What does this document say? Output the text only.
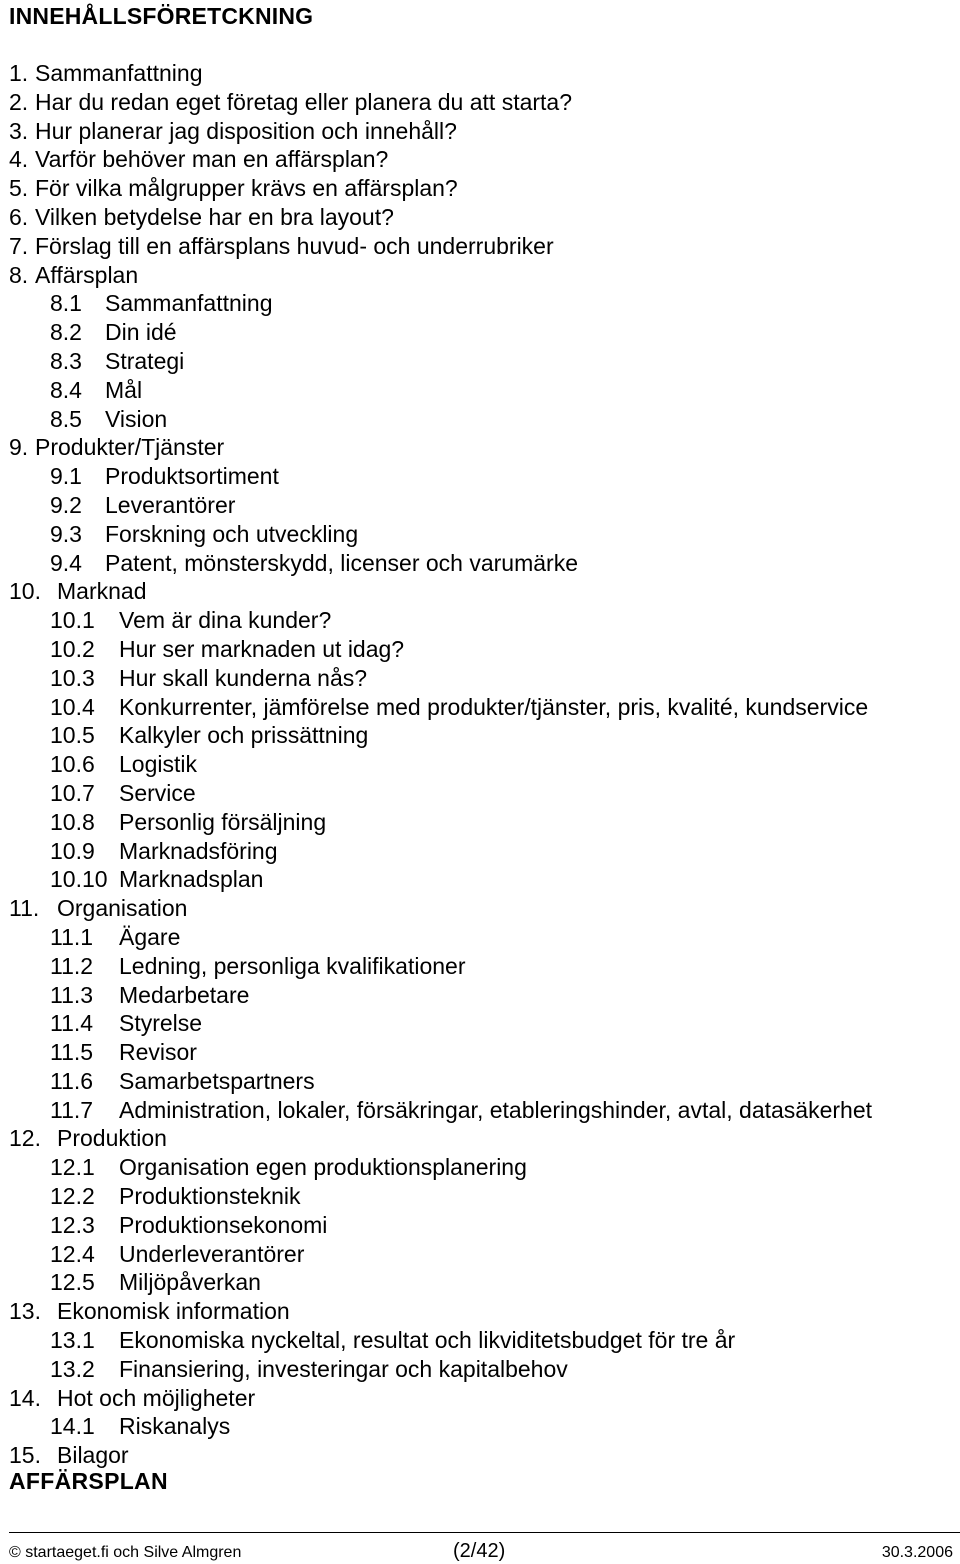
INNEHÅLLSFÖRETCKNING
1. Sammanfattning
2. Har du redan eget företag eller planera du att starta?
3. Hur planerar jag disposition och innehåll?
4. Varför behöver man en affärsplan?
5. För vilka målgrupper krävs en affärsplan?
6. Vilken betydelse har en bra layout?
7. Förslag till en affärsplans huvud- och underrubriker
8. Affärsplan
8.1 Sammanfattning
8.2 Din idé
8.3 Strategi
8.4 Mål
8.5 Vision
9. Produkter/Tjänster
9.1 Produktsortiment
9.2 Leverantörer
9.3 Forskning och utveckling
9.4 Patent, mönsterskydd, licenser och varumärke
10. Marknad
10.1 Vem är dina kunder?
10.2 Hur ser marknaden ut idag?
10.3 Hur skall kunderna nås?
10.4 Konkurrenter, jämförelse med produkter/tjänster, pris, kvalité, kundservice
10.5 Kalkyler och prissättning
10.6 Logistik
10.7 Service
10.8 Personlig försäljning
10.9 Marknadsföring
10.10 Marknadsplan
11. Organisation
11.1 Ägare
11.2 Ledning, personliga kvalifikationer
11.3 Medarbetare
11.4 Styrelse
11.5 Revisor
11.6 Samarbetspartners
11.7 Administration, lokaler, försäkringar, etableringshinder, avtal, datasäkerhet
12. Produktion
12.1 Organisation egen produktionsplanering
12.2 Produktionsteknik
12.3 Produktionsekonomi
12.4 Underleverantörer
12.5 Miljöpåverkan
13. Ekonomisk information
13.1 Ekonomiska nyckeltal, resultat och likviditetsbudget för tre år
13.2 Finansiering, investeringar och kapitalbehov
14. Hot och möjligheter
14.1 Riskanalys
15. Bilagor
AFFÄRSPLAN
© startaeget.fi och Silve Almgren	(2/42)	30.3.2006
